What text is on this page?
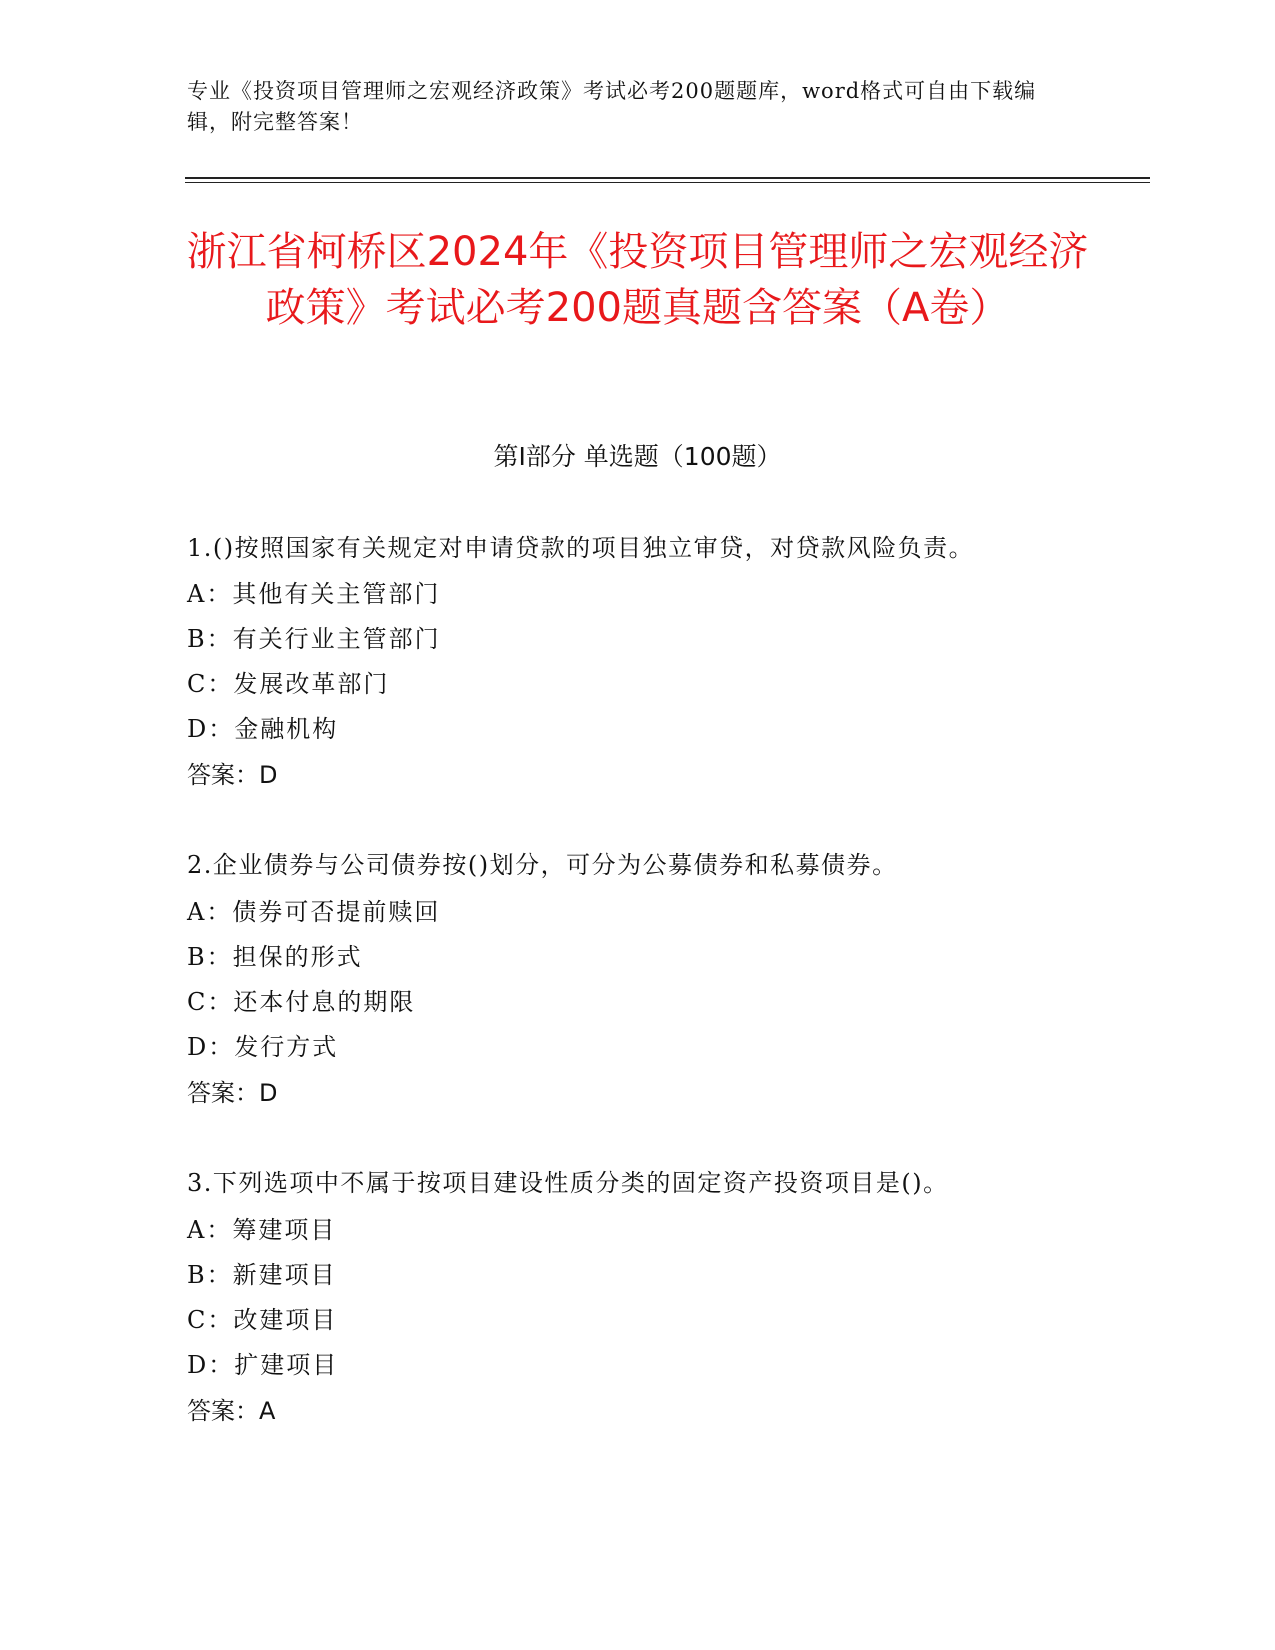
专业《投资项目管理师之宏观经济政策》考试必考200题题库，word格式可自由下载编辑，附完整答案！
浙江省柯桥区2024年《投资项目管理师之宏观经济政策》考试必考200题真题含答案（A卷）
第I部分 单选题（100题）
1.()按照国家有关规定对申请贷款的项目独立审贷，对贷款风险负责。
A：其他有关主管部门
B：有关行业主管部门
C：发展改革部门
D：金融机构
答案：D
2.企业债券与公司债券按()划分，可分为公募债券和私募债券。
A：债券可否提前赎回
B：担保的形式
C：还本付息的期限
D：发行方式
答案：D
3.下列选项中不属于按项目建设性质分类的固定资产投资项目是()。
A：筹建项目
B：新建项目
C：改建项目
D：扩建项目
答案：A
